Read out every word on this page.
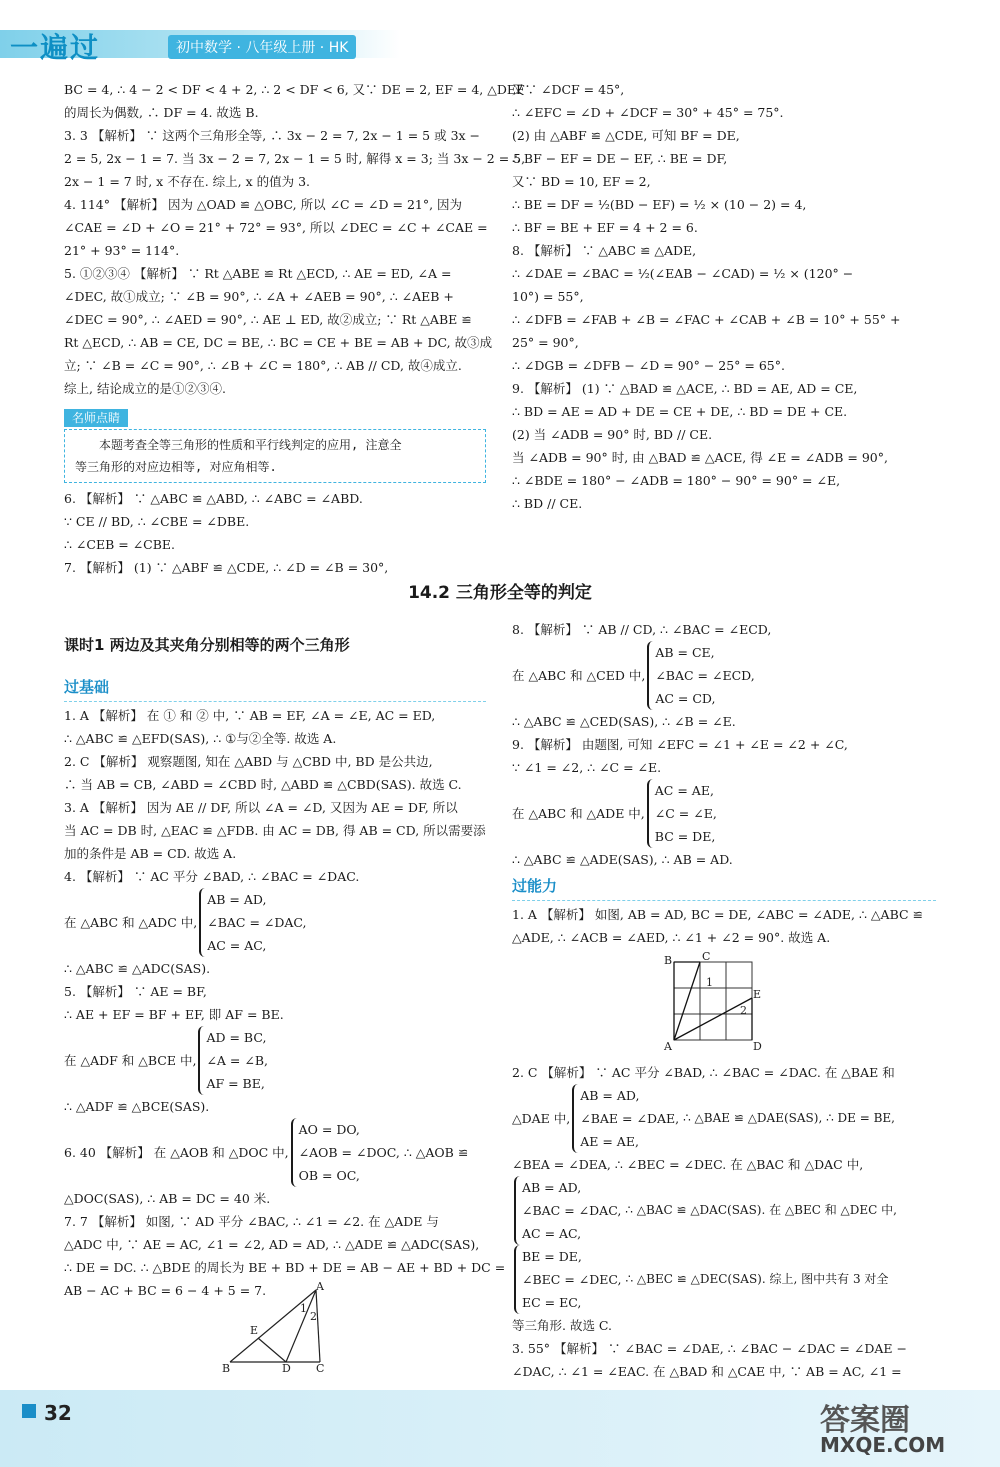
一遍过	初中数学 · 八年级上册 · HK

BC = 4, ∴ 4 − 2 < DF < 4 + 2, ∴ 2 < DF < 6, 又∵ DE = 2, EF = 4, △DEF

的周长为偶数, ∴ DF = 4. 故选 B.

3. 3 【解析】 ∵ 这两个三角形全等, ∴ 3x − 2 = 7, 2x − 1 = 5 或 3x −

2 = 5, 2x − 1 = 7. 当 3x − 2 = 7, 2x − 1 = 5 时, 解得 x = 3; 当 3x − 2 = 5,

2x − 1 = 7 时, x 不存在. 综上, x 的值为 3.

4. 114° 【解析】 因为 △OAD ≌ △OBC, 所以 ∠C = ∠D = 21°, 因为

∠CAE = ∠D + ∠O = 21° + 72° = 93°, 所以 ∠DEC = ∠C + ∠CAE =

21° + 93° = 114°.

5. ①②③④ 【解析】 ∵ Rt △ABE ≌ Rt △ECD, ∴ AE = ED, ∠A =

∠DEC, 故①成立; ∵ ∠B = 90°, ∴ ∠A + ∠AEB = 90°, ∴ ∠AEB +

∠DEC = 90°, ∴ ∠AED = 90°, ∴ AE ⊥ ED, 故②成立; ∵ Rt △ABE ≌

Rt △ECD, ∴ AB = CE, DC = BE, ∴ BC = CE + BE = AB + DC, 故③成

立; ∵ ∠B = ∠C = 90°, ∴ ∠B + ∠C = 180°, ∴ AB // CD, 故④成立.

综上, 结论成立的是①②③④.

名师点睛

本题考查全等三角形的性质和平行线判定的应用, 注意全

等三角形的对应边相等, 对应角相等.

6. 【解析】 ∵ △ABC ≌ △ABD, ∴ ∠ABC = ∠ABD.

∵ CE // BD, ∴ ∠CBE = ∠DBE.

∴ ∠CEB = ∠CBE.

7. 【解析】 (1) ∵ △ABF ≌ △CDE, ∴ ∠D = ∠B = 30°,

又∵ ∠DCF = 45°,

∴ ∠EFC = ∠D + ∠DCF = 30° + 45° = 75°.

(2) 由 △ABF ≌ △CDE, 可知 BF = DE,

∴ BF − EF = DE − EF, ∴ BE = DF,

又∵ BD = 10, EF = 2,

∴ BE = DF = ½(BD − EF) = ½ × (10 − 2) = 4,

∴ BF = BE + EF = 4 + 2 = 6.

8. 【解析】 ∵ △ABC ≌ △ADE,

∴ ∠DAE = ∠BAC = ½(∠EAB − ∠CAD) = ½ × (120° −

10°) = 55°,

∴ ∠DFB = ∠FAB + ∠B = ∠FAC + ∠CAB + ∠B = 10° + 55° +

25° = 90°,

∴ ∠DGB = ∠DFB − ∠D = 90° − 25° = 65°.

9. 【解析】 (1) ∵ △BAD ≌ △ACE, ∴ BD = AE, AD = CE,

∴ BD = AE = AD + DE = CE + DE, ∴ BD = DE + CE.

(2) 当 ∠ADB = 90° 时, BD // CE.

当 ∠ADB = 90° 时, 由 △BAD ≌ △ACE, 得 ∠E = ∠ADB = 90°,

∴ ∠BDE = 180° − ∠ADB = 180° − 90° = 90° = ∠E,

∴ BD // CE.

14.2 三角形全等的判定
课时1 两边及其夹角分别相等的两个三角形
过基础

1. A 【解析】 在 ① 和 ② 中, ∵ AB = EF, ∠A = ∠E, AC = ED,

∴ △ABC ≌ △EFD(SAS), ∴ ①与②全等. 故选 A.

2. C 【解析】 观察题图, 知在 △ABD 与 △CBD 中, BD 是公共边,

∴ 当 AB = CB, ∠ABD = ∠CBD 时, △ABD ≌ △CBD(SAS). 故选 C.

3. A 【解析】 因为 AE // DF, 所以 ∠A = ∠D, 又因为 AE = DF, 所以

当 AC = DB 时, △EAC ≌ △FDB. 由 AC = DB, 得 AB = CD, 所以需要添

加的条件是 AB = CD. 故选 A.

4. 【解析】 ∵ AC 平分 ∠BAD, ∴ ∠BAC = ∠DAC.

在 △ABC 和 △ADC 中,

AB = AD,

∠BAC = ∠DAC,

AC = AC,

∴ △ABC ≌ △ADC(SAS).

5. 【解析】 ∵ AE = BF,

∴ AE + EF = BF + EF, 即 AF = BE.

在 △ADF 和 △BCE 中,

AD = BC,

∠A = ∠B,

AF = BE,

∴ △ADF ≌ △BCE(SAS).

6. 40 【解析】 在 △AOB 和 △DOC 中,

AO = DO,

∠AOB = ∠DOC,

OB = OC,

∴ △AOB ≌

△DOC(SAS), ∴ AB = DC = 40 米.

7. 7 【解析】 如图, ∵ AD 平分 ∠BAC, ∴ ∠1 = ∠2. 在 △ADE 与

△ADC 中, ∵ AE = AC, ∠1 = ∠2, AD = AD, ∴ △ADE ≌ △ADC(SAS),

∴ DE = DC. ∴ △BDE 的周长为 BE + BD + DE = AB − AE + BD + DC =

AB − AC + BC = 6 − 4 + 5 = 7.	A
E
1
2
B	D C

8. 【解析】 ∵ AB // CD, ∴ ∠BAC = ∠ECD,

在 △ABC 和 △CED 中,

AB = CE,

∠BAC = ∠ECD,

AC = CD,

∴ △ABC ≌ △CED(SAS), ∴ ∠B = ∠E.

9. 【解析】 由题图, 可知 ∠EFC = ∠1 + ∠E = ∠2 + ∠C,

∵ ∠1 = ∠2, ∴ ∠C = ∠E.

在 △ABC 和 △ADE 中,

AC = AE,

∠C = ∠E,

BC = DE,

∴ △ABC ≌ △ADE(SAS), ∴ AB = AD.

过能力

1. A 【解析】 如图, AB = AD, BC = DE, ∠ABC = ∠ADE, ∴ △ABC ≌

△ADE, ∴ ∠ACB = ∠AED, ∴ ∠1 + ∠2 = 90°. 故选 A.

2. C 【解析】 ∵ AC 平分 ∠BAD, ∴ ∠BAC = ∠DAC. 在 △BAE 和

△DAE 中,

AB = AD,

∠BAE = ∠DAE,

AE = AE,

∴ △BAE ≌ △DAE(SAS), ∴ DE = BE,

∠BEA = ∠DEA, ∴ ∠BEC = ∠DEC. 在 △BAC 和 △DAC 中,

AB = AD,

∠BAC = ∠DAC,

AC = AC,

∴ △BAC ≌ △DAC(SAS). 在 △BEC 和 △DEC 中,

BE = DE,

∠BEC = ∠DEC,

EC = EC,

∴ △BEC ≌ △DEC(SAS). 综上, 图中共有 3 对全

等三角形. 故选 C.

3. 55° 【解析】 ∵ ∠BAC = ∠DAE, ∴ ∠BAC − ∠DAC = ∠DAE −

∠DAC, ∴ ∠1 = ∠EAC. 在 △BAD 和 △CAE 中, ∵ AB = AC, ∠1 =

B	C
1
E
2
A	D
32	答案圈
MXQE.COM
